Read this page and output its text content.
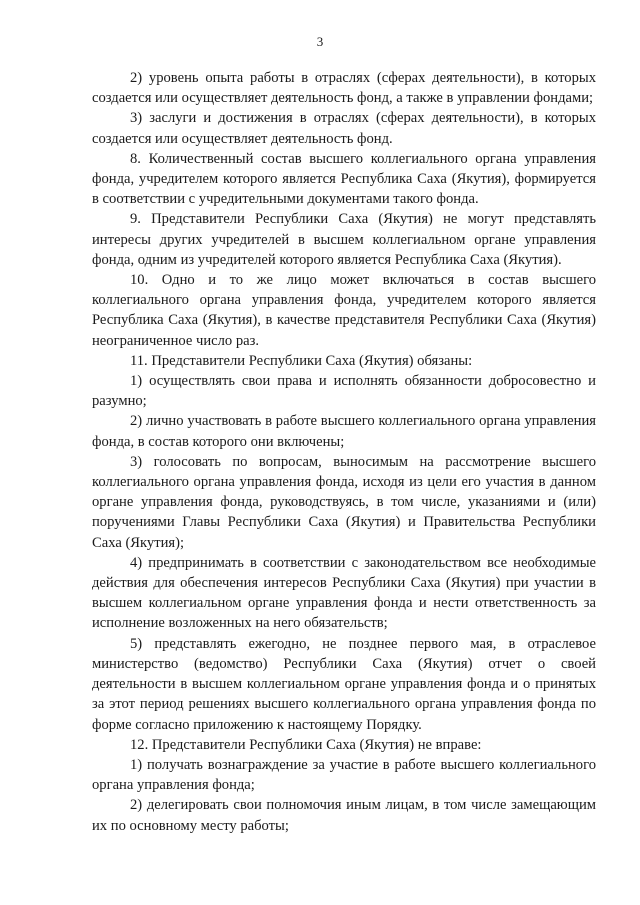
3

2) уровень опыта работы в отраслях (сферах деятельности), в которых создается или осуществляет деятельность фонд, а также в управлении фондами;

3) заслуги и достижения в отраслях (сферах деятельности), в которых создается или осуществляет деятельность фонд.

8. Количественный состав высшего коллегиального органа управления фонда, учредителем которого является Республика Саха (Якутия), формируется в соответствии с учредительными документами такого фонда.

9. Представители Республики Саха (Якутия) не могут представлять интересы других учредителей в высшем коллегиальном органе управления фонда, одним из учредителей которого является Республика Саха (Якутия).

10. Одно и то же лицо может включаться в состав высшего коллегиального органа управления фонда, учредителем которого является Республика Саха (Якутия), в качестве представителя Республики Саха (Якутия) неограниченное число раз.

11. Представители Республики Саха (Якутия) обязаны:

1) осуществлять свои права и исполнять обязанности добросовестно и разумно;

2) лично участвовать в работе высшего коллегиального органа управления фонда, в состав которого они включены;

3) голосовать по вопросам, выносимым на рассмотрение высшего коллегиального органа управления фонда, исходя из цели его участия в данном органе управления фонда, руководствуясь, в том числе, указаниями и (или) поручениями Главы Республики Саха (Якутия) и Правительства Республики Саха (Якутия);

4) предпринимать в соответствии с законодательством все необходимые действия для обеспечения интересов Республики Саха (Якутия) при участии в высшем коллегиальном органе управления фонда и нести ответственность за исполнение возложенных на него обязательств;

5) представлять ежегодно, не позднее первого мая, в отраслевое министерство (ведомство) Республики Саха (Якутия) отчет о своей деятельности в высшем коллегиальном органе управления фонда и о принятых за этот период решениях высшего коллегиального органа управления фонда по форме согласно приложению к настоящему Порядку.

12. Представители Республики Саха (Якутия) не вправе:

1) получать вознаграждение за участие в работе высшего коллегиального органа управления фонда;

2) делегировать свои полномочия иным лицам, в том числе замещающим их по основному месту работы;
